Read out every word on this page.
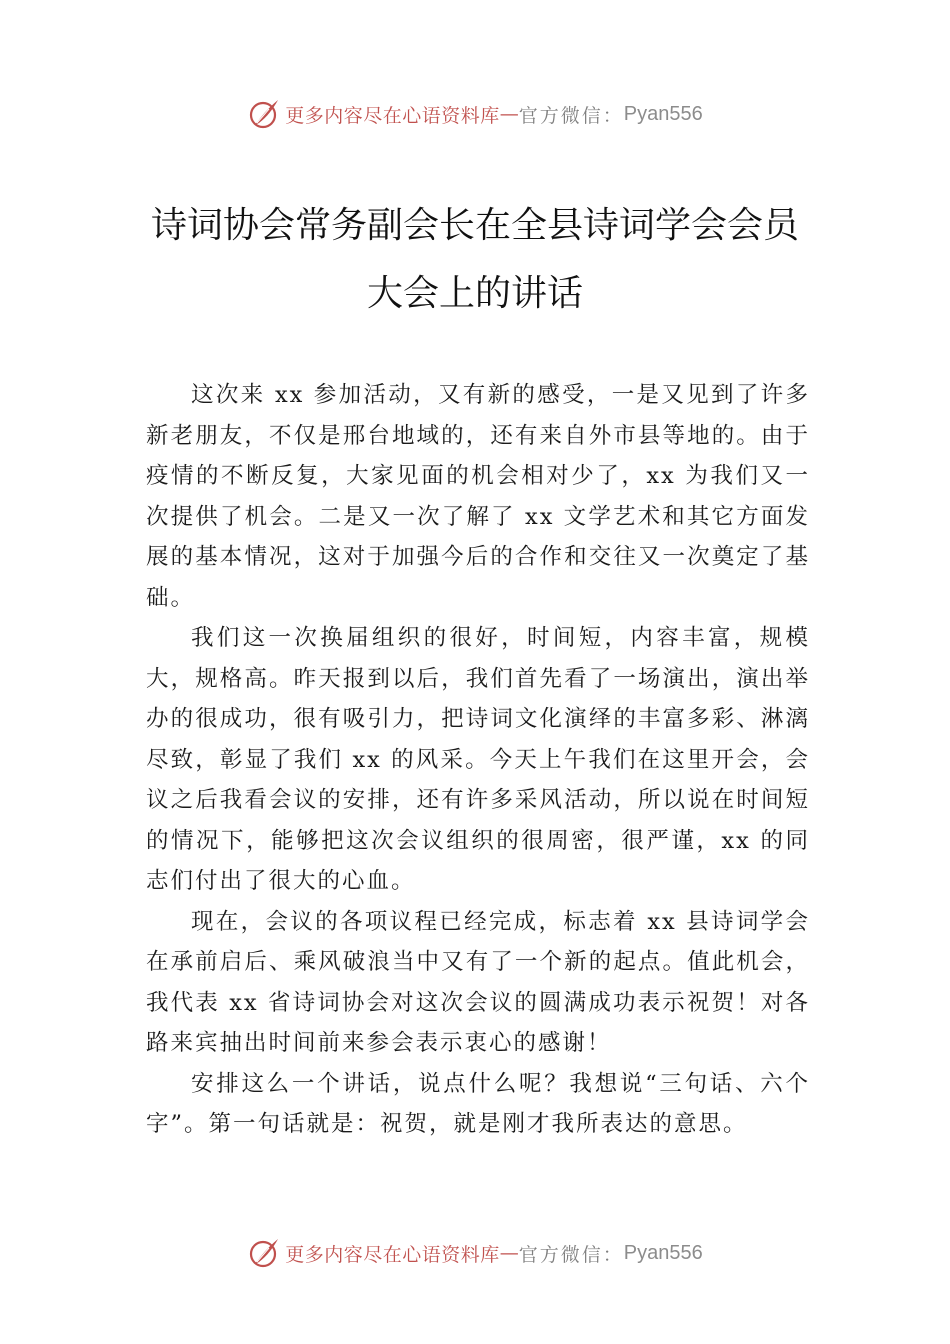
更多内容尽在心语资料库 — 官方微信： Pyan556
诗词协会常务副会长在全县诗词学会会员
大会上的讲话

这次来 xx 参加活动，又有新的感受，一是又见到了许多新老朋友，不仅是邢台地域的，还有来自外市县等地的。由于疫情的不断反复，大家见面的机会相对少了，xx 为我们又一次提供了机会。二是又一次了解了 xx 文学艺术和其它方面发展的基本情况，这对于加强今后的合作和交往又一次奠定了基础。

我们这一次换届组织的很好，时间短，内容丰富，规模大，规格高。昨天报到以后，我们首先看了一场演出，演出举办的很成功，很有吸引力，把诗词文化演绎的丰富多彩、淋漓尽致，彰显了我们 xx 的风采。今天上午我们在这里开会，会议之后我看会议的安排，还有许多采风活动，所以说在时间短的情况下，能够把这次会议组织的很周密，很严谨，xx 的同志们付出了很大的心血。

现在，会议的各项议程已经完成，标志着 xx 县诗词学会在承前启后、乘风破浪当中又有了一个新的起点。值此机会，我代表 xx 省诗词协会对这次会议的圆满成功表示祝贺！对各路来宾抽出时间前来参会表示衷心的感谢！

安排这么一个讲话，说点什么呢？我想说“三句话、六个字”。第一句话就是：祝贺，就是刚才我所表达的意思。

更多内容尽在心语资料库 — 官方微信： Pyan556
